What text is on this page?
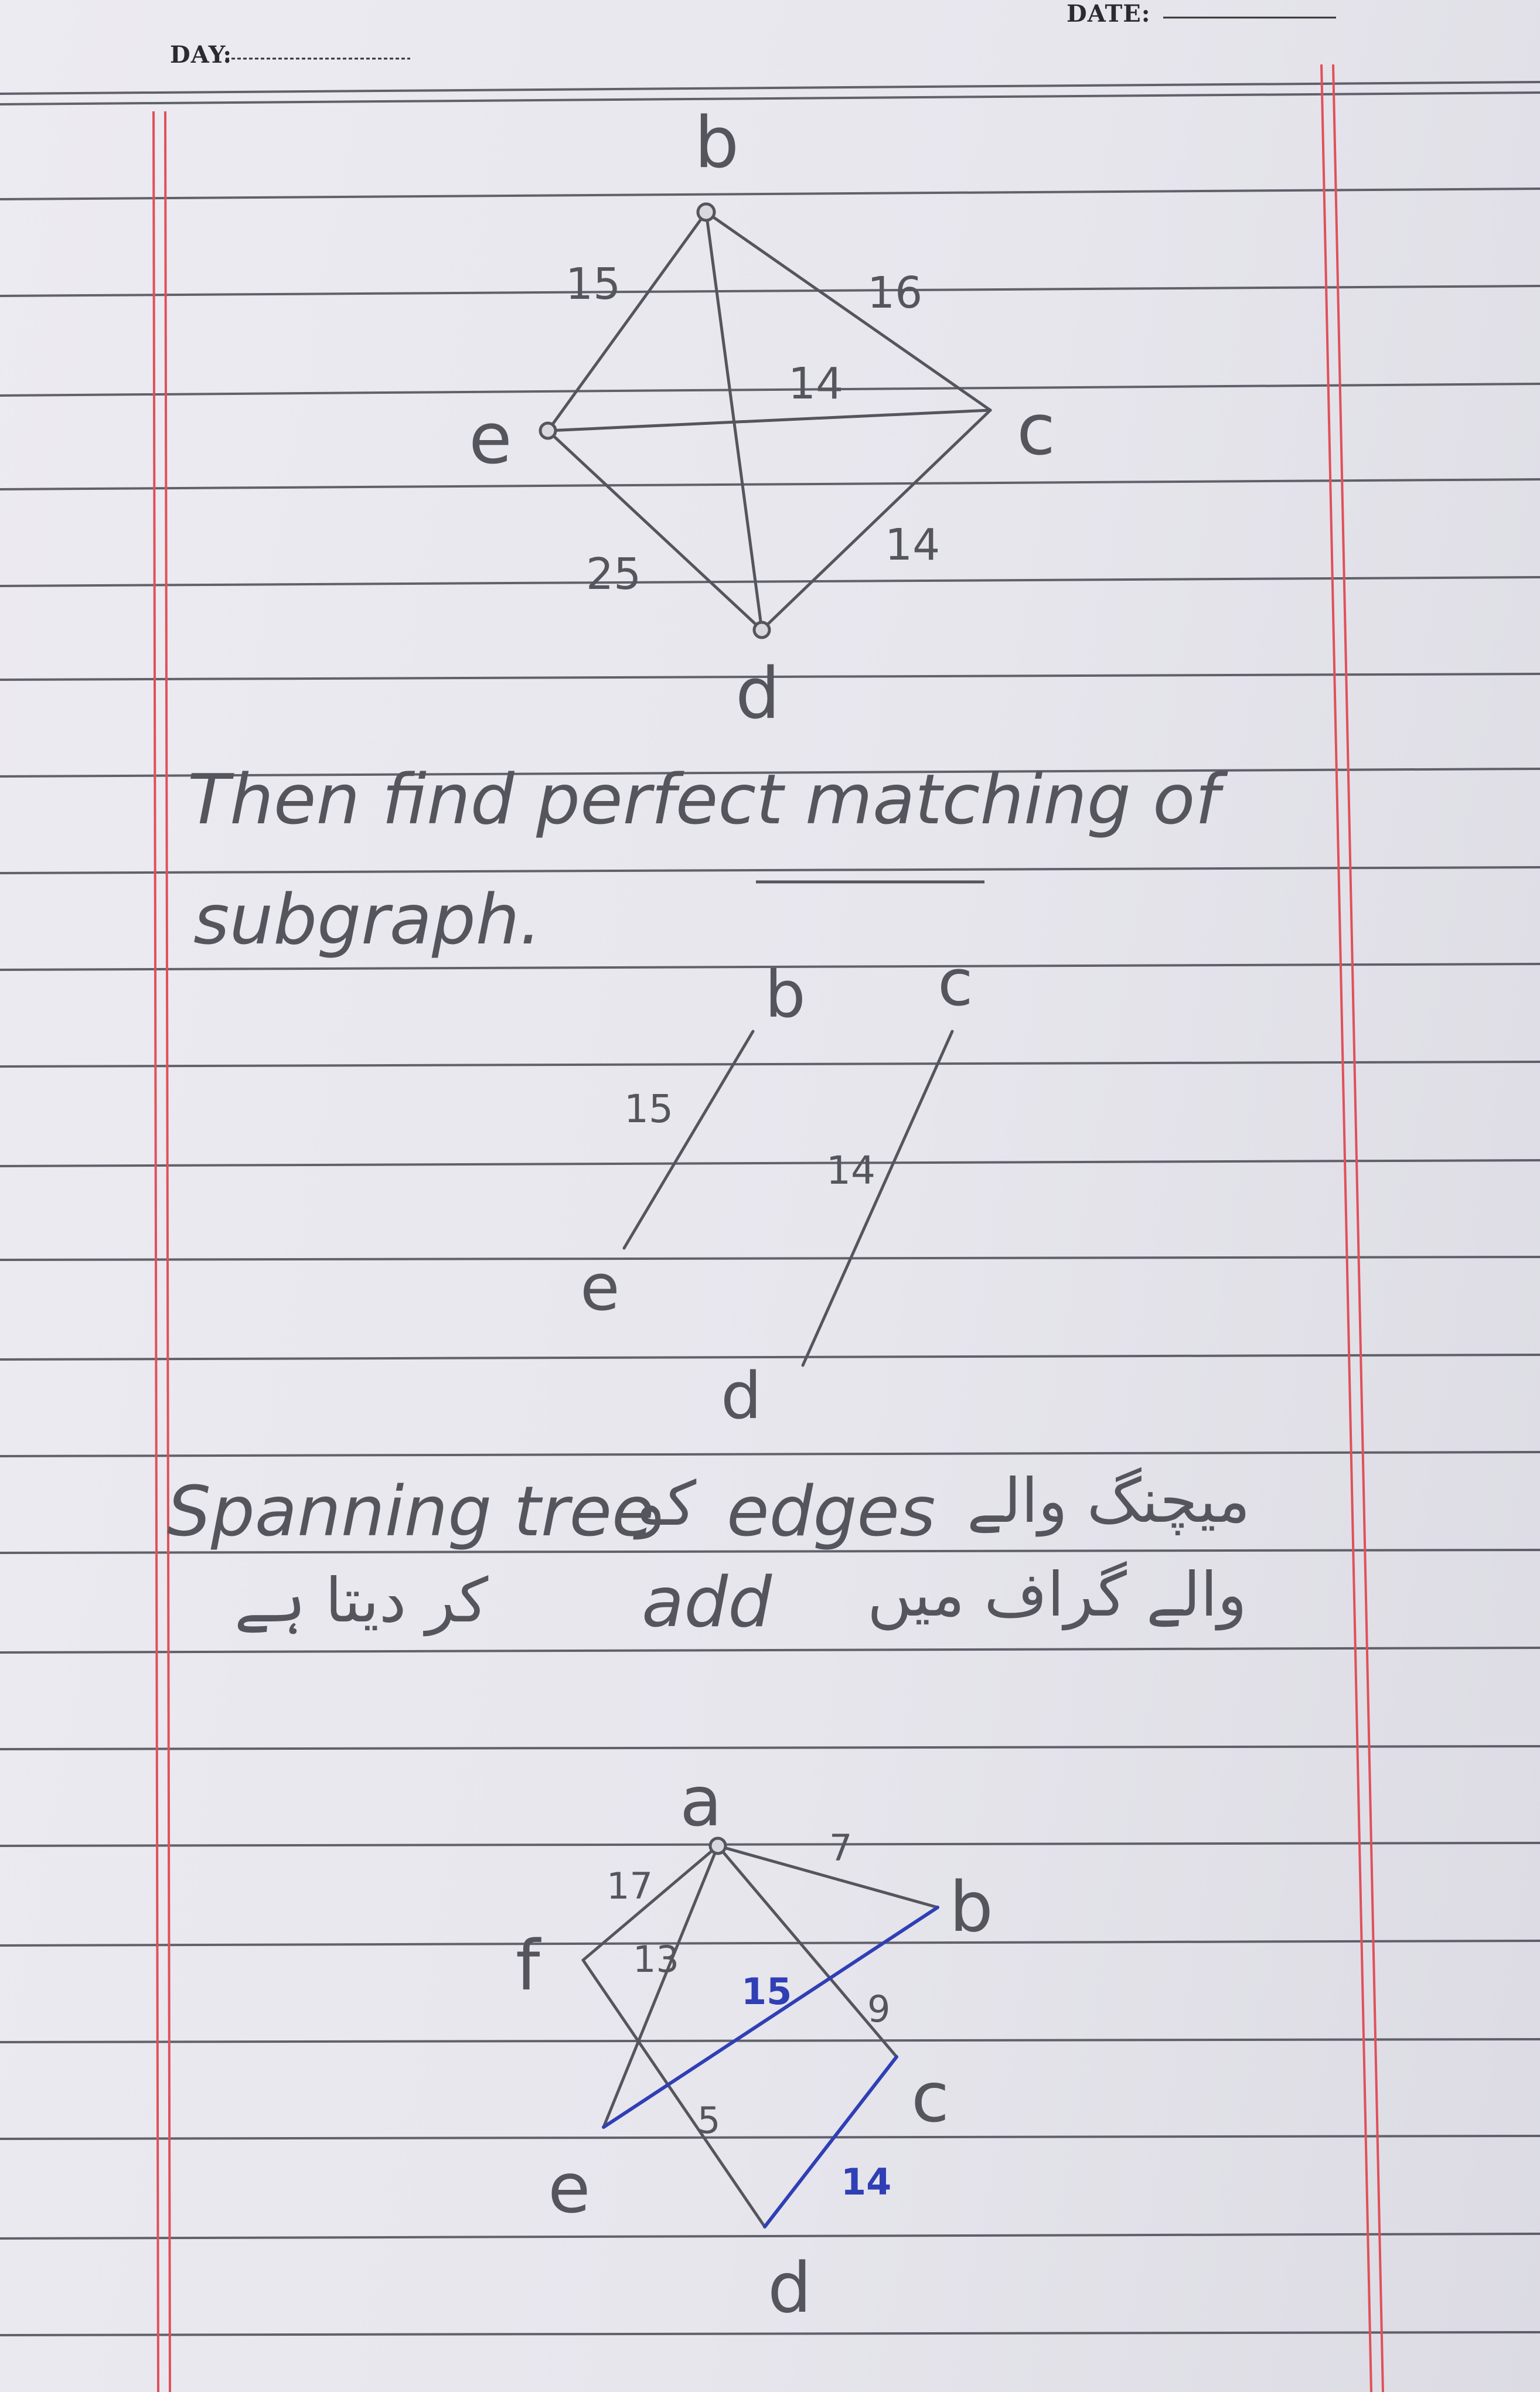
DAY:
DATE:
b
e	c
d
15	16
14
25
14
Then find perfect matching of
subgraph.
b c
e
d
15
14
Spanning tree
کو edges میچنگ والے
والے گراف میں
add
کر دیتا ہے
a
b
f
c
e
d
17
7
13
9
5
15
14
